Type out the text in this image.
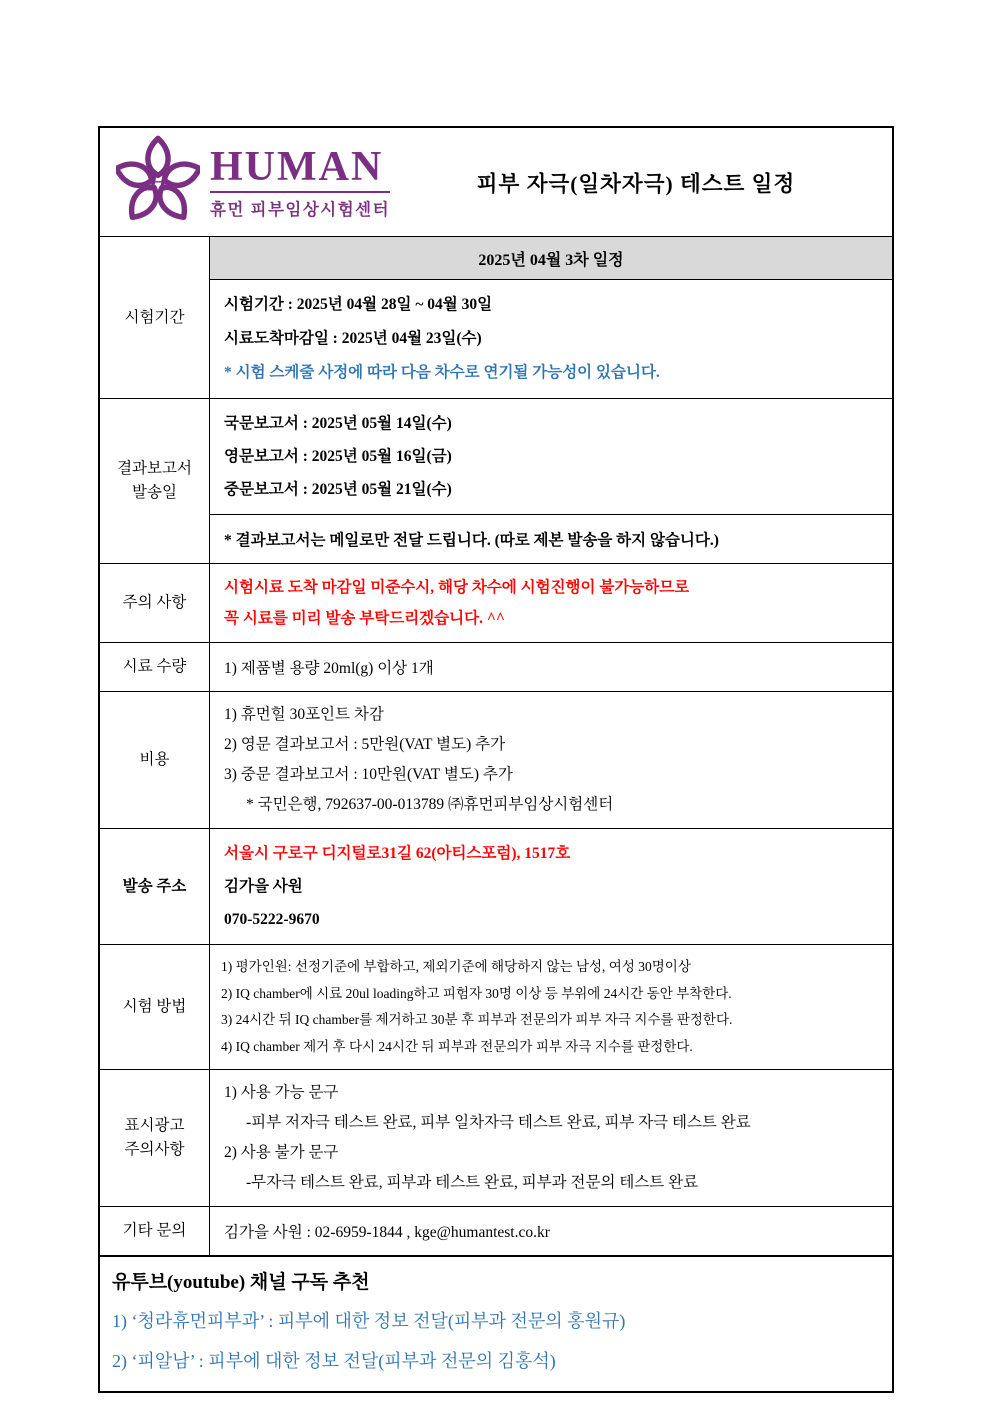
H HUMAN
휴먼 피부임상시험센터
피부 자극(일차자극) 테스트 일정
시험기간
2025년 04월 3차 일정
시험기간 : 2025년 04월 28일 ~ 04월 30일
시료도착마감일 : 2025년 04월 23일(수)
* 시험 스케줄 사정에 따라 다음 차수로 연기될 가능성이 있습니다.
결과보고서
발송일
국문보고서 : 2025년 05월 14일(수)
영문보고서 : 2025년 05월 16일(금)
중문보고서 : 2025년 05월 21일(수)
* 결과보고서는 메일로만 전달 드립니다. (따로 제본 발송을 하지 않습니다.)
주의 사항
시험시료 도착 마감일 미준수시, 해당 차수에 시험진행이 불가능하므로
꼭 시료를 미리 발송 부탁드리겠습니다. ^^
시료 수량	1) 제품별 용량 20ml(g) 이상 1개
비용
1) 휴먼힐 30포인트 차감
2) 영문 결과보고서 : 5만원(VAT 별도) 추가
3) 중문 결과보고서 : 10만원(VAT 별도) 추가
* 국민은행, 792637-00-013789 ㈜휴먼피부임상시험센터
발송 주소
서울시 구로구 디지털로31길 62(아티스포럼), 1517호
김가을 사원
070-5222-9670
시험 방법
1) 평가인원: 선정기준에 부합하고, 제외기준에 해당하지 않는 남성, 여성 30명이상
2) IQ chamber에 시료 20ul loading하고 피험자 30명 이상 등 부위에 24시간 동안 부착한다.
3) 24시간 뒤 IQ chamber를 제거하고 30분 후 피부과 전문의가 피부 자극 지수를 판정한다.
4) IQ chamber 제거 후 다시 24시간 뒤 피부과 전문의가 피부 자극 지수를 판정한다.
표시광고
주의사항
1) 사용 가능 문구
-피부 저자극 테스트 완료, 피부 일차자극 테스트 완료, 피부 자극 테스트 완료
2) 사용 불가 문구
-무자극 테스트 완료, 피부과 테스트 완료, 피부과 전문의 테스트 완료
기타 문의	김가을 사원 : 02-6959-1844 , kge@humantest.co.kr
유투브(youtube) 채널 구독 추천
1) ‘청라휴먼피부과’ : 피부에 대한 정보 전달(피부과 전문의 홍원규)
2) ‘피알남’ : 피부에 대한 정보 전달(피부과 전문의 김홍석)
